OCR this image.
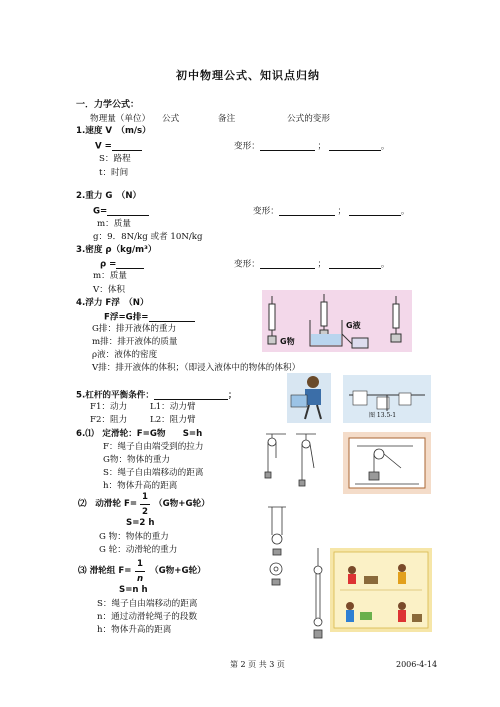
初中物理公式、知识点归纳
一．力学公式：
物理量（单位） 公式	备注	公式的变形
1.速度 V　（m/s）
V =	变形：	；	。
S：路程
t：时间
2.重力 G　（N）
G=	变形：	；	。
m：质量
g：9．8N/kg 或者 10N/kg
3.密度 ρ（kg/m³）
ρ =	变形：	；	。
m：质量
V：体积
4.浮力 F浮　（N）
F浮=G排=
G排：排开液体的重力
m排：排开液体的质量
ρ液：液体的密度
V排：排开液体的体积；（即浸入液体中的物体的体积）
G液
G物
5.杠杆的平衡条件：	；
F1：动力	L1：动力臂
F2：阻力	L2：阻力臂	图 13.5-1
6.⑴　定滑轮：F=G物　　S=h
F：绳子自由端受到的拉力
G物：物体的重力
S：绳子自由端移动的距离
h：物体升高的距离
⑵　动滑轮 $F= \frac{1}{2} (G$物+G轮）
S=2 h
G 物：物体的重力
G 轮：动滑轮的重力
⑶ 滑轮组 $F= \frac{1}{n} (G$物+G轮）
S=n h
S：绳子自由端移动的距离
n：通过动滑轮绳子的段数
h：物体升高的距离
第 2 页 共 3 页	2006-4-14
